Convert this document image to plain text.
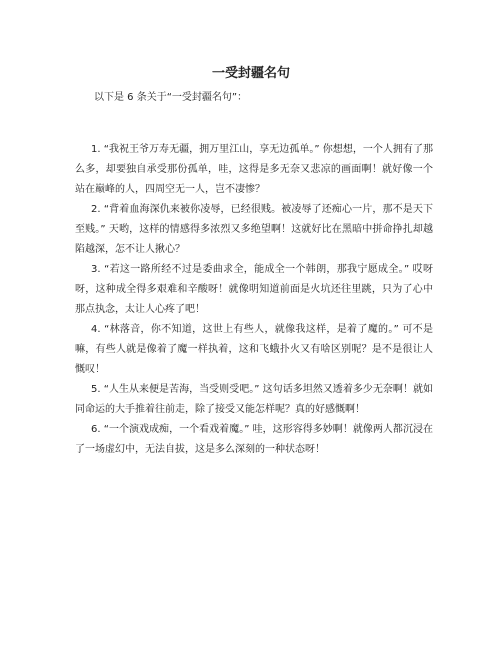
一受封疆名句
以下是 6 条关于“一受封疆名句”：

1. “我祝王爷万寿无疆，拥万里江山，享无边孤单。” 你想想，一个人拥有了那么多，却要独自承受那份孤单，哇，这得是多无奈又悲凉的画面啊！就好像一个站在巅峰的人，四周空无一人，岂不凄惨？

2. “背着血海深仇来被你凌辱，已经很贱。被凌辱了还痴心一片，那不是天下至贱。” 天哟，这样的情感得多浓烈又多绝望啊！这就好比在黑暗中拼命挣扎却越陷越深，怎不让人揪心？

3. “若这一路所经不过是委曲求全，能成全一个韩朗，那我宁愿成全。” 哎呀呀，这种成全得多艰难和辛酸呀！就像明知道前面是火坑还往里跳，只为了心中那点执念，太让人心疼了吧！

4. “林落音，你不知道，这世上有些人，就像我这样，是着了魔的。” 可不是嘛，有些人就是像着了魔一样执着，这和飞蛾扑火又有啥区别呢？是不是很让人慨叹！

5. “人生从来便是苦海，当受则受吧。” 这句话多坦然又透着多少无奈啊！就如同命运的大手推着往前走，除了接受又能怎样呢？真的好感慨啊！

6. “一个演戏成痴，一个看戏着魔。” 哇，这形容得多妙啊！就像两人都沉浸在了一场虚幻中，无法自拔，这是多么深刻的一种状态呀！
